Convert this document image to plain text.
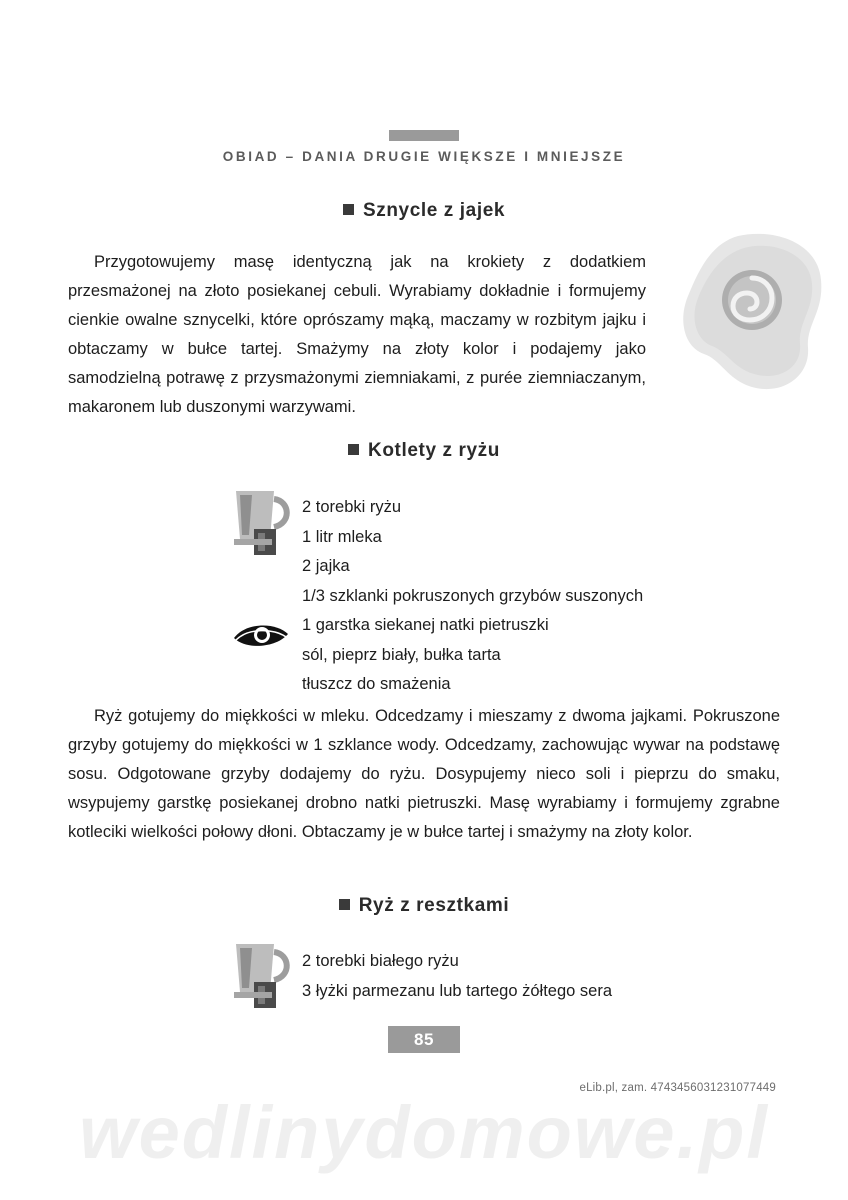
OBIAD – DANIA DRUGIE WIĘKSZE I MNIEJSZE
Sznycle z jajek
Przygotowujemy masę identyczną jak na krokiety z dodatkiem przesmażonej na złoto posiekanej cebuli. Wyrabiamy dokładnie i formujemy cienkie owalne sznycelki, które oprószamy mąką, maczamy w rozbitym jajku i obtaczamy w bułce tartej. Smażymy na złoty kolor i podajemy jako samodzielną potrawę z przysmażonymi ziemniakami, z purée ziemniaczanym, makaronem lub duszonymi warzywami.
Kotlety z ryżu
2 torebki ryżu
1 litr mleka
2 jajka
1/3 szklanki pokruszonych grzybów suszonych
1 garstka siekanej natki pietruszki
sól, pieprz biały, bułka tarta
tłuszcz do smażenia
Ryż gotujemy do miękkości w mleku. Odcedzamy i mieszamy z dwoma jajkami. Pokruszone grzyby gotujemy do miękkości w 1 szklance wody. Odcedzamy, zachowując wywar na podstawę sosu. Odgotowane grzyby dodajemy do ryżu. Dosypujemy nieco soli i pieprzu do smaku, wsypujemy garstkę posiekanej drobno natki pietruszki. Masę wyrabiamy i formujemy zgrabne kotleciki wielkości połowy dłoni. Obtaczamy je w bułce tartej i smażymy na złoty kolor.
Ryż z resztkami
2 torebki białego ryżu
3 łyżki parmezanu lub tartego żółtego sera
85
eLib.pl, zam. 4743456031231077449
wedlinydomowe.pl
